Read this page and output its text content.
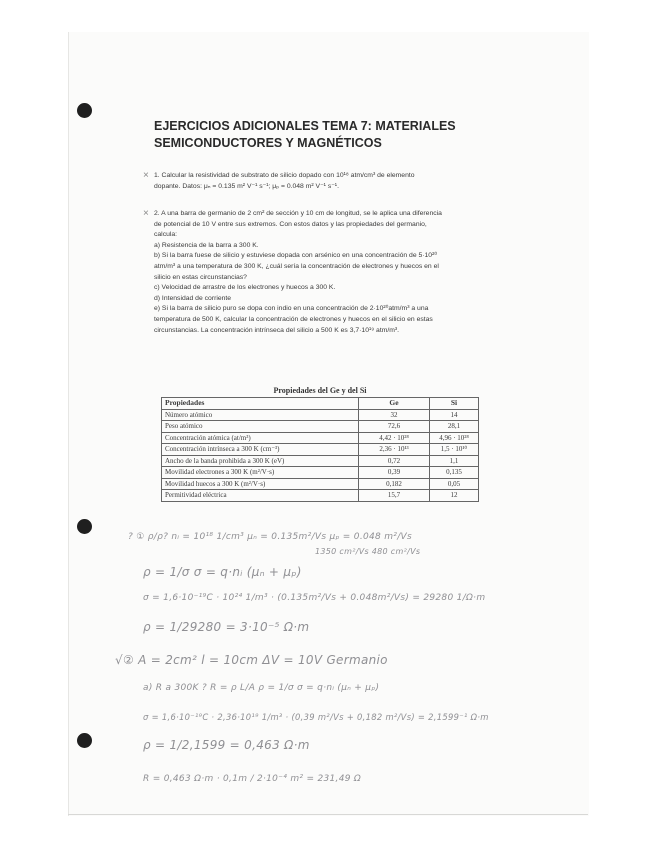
EJERCICIOS ADICIONALES TEMA 7: MATERIALES
SEMICONDUCTORES Y MAGNÉTICOS
× 1. Calcular la resistividad de substrato de silicio dopado con 10¹⁸ atm/cm³ de elemento

dopante. Datos: μₙ = 0.135 m² V⁻¹ s⁻¹; μₚ = 0.048 m² V⁻¹ s⁻¹.

× 2. A una barra de germanio de 2 cm² de sección y 10 cm de longitud, se le aplica una diferencia

de potencial de 10 V entre sus extremos. Con estos datos y las propiedades del germanio,

calcula:

a) Resistencia de la barra a 300 K.

b) Si la barra fuese de silicio y estuviese dopada con arsénico en una concentración de 5·10²⁰

atm/m³ a una temperatura de 300 K, ¿cuál sería la concentración de electrones y huecos en el

silicio en estas circunstancias?

c) Velocidad de arrastre de los electrones y huecos a 300 K.

d) Intensidad de corriente

e) Si la barra de silicio puro se dopa con indio en una concentración de 2·10²⁰atm/m³ a una

temperatura de 500 K, calcular la concentración de electrones y huecos en el silicio en estas

circunstancias. La concentración intrínseca del silicio a 500 K es 3,7·10¹⁹ atm/m³.

Propiedades del Ge y del Si
Propiedades	Ge	Si
Número atómico	32	14
Peso atómico	72,6	28,1
Concentración atómica (at/m³)	4,42 · 10²⁸	4,96 · 10²⁸
Concentración intrínseca a 300 K (cm⁻³)	2,36 · 10¹³	1,5 · 10¹⁰
Ancho de la banda prohibida a 300 K (eV)	0,72	1,1
Movilidad electrones a 300 K (m²/V·s)	0,39	0,135
Movilidad huecos a 300 K (m²/V·s)	0,182	0,05
Permitividad eléctrica	15,7	12
? ① ρ/ρ? nᵢ = 10¹⁸ 1/cm³ μₙ = 0.135m²/Vs μₚ = 0.048 m²/Vs
1350 cm²/Vs 480 cm²/Vs
ρ = 1/σ σ = q·nᵢ (μₙ + μₚ)
σ = 1,6·10⁻¹⁹C · 10²⁴ 1/m³ · (0.135m²/Vs + 0.048m²/Vs) = 29280 1/Ω·m
ρ = 1/29280 = 3·10⁻⁵ Ω·m
√② A = 2cm² l = 10cm ΔV = 10V Germanio
a) R a 300K ? R = ρ L/A ρ = 1/σ σ = q·nᵢ (μₙ + μₚ)
σ = 1,6·10⁻¹⁹C · 2,36·10¹⁹ 1/m³ · (0,39 m²/Vs + 0,182 m²/Vs) = 2,1599⁻¹ Ω·m
ρ = 1/2,1599 = 0,463 Ω·m
R = 0,463 Ω·m · 0,1m / 2·10⁻⁴ m² = 231,49 Ω
